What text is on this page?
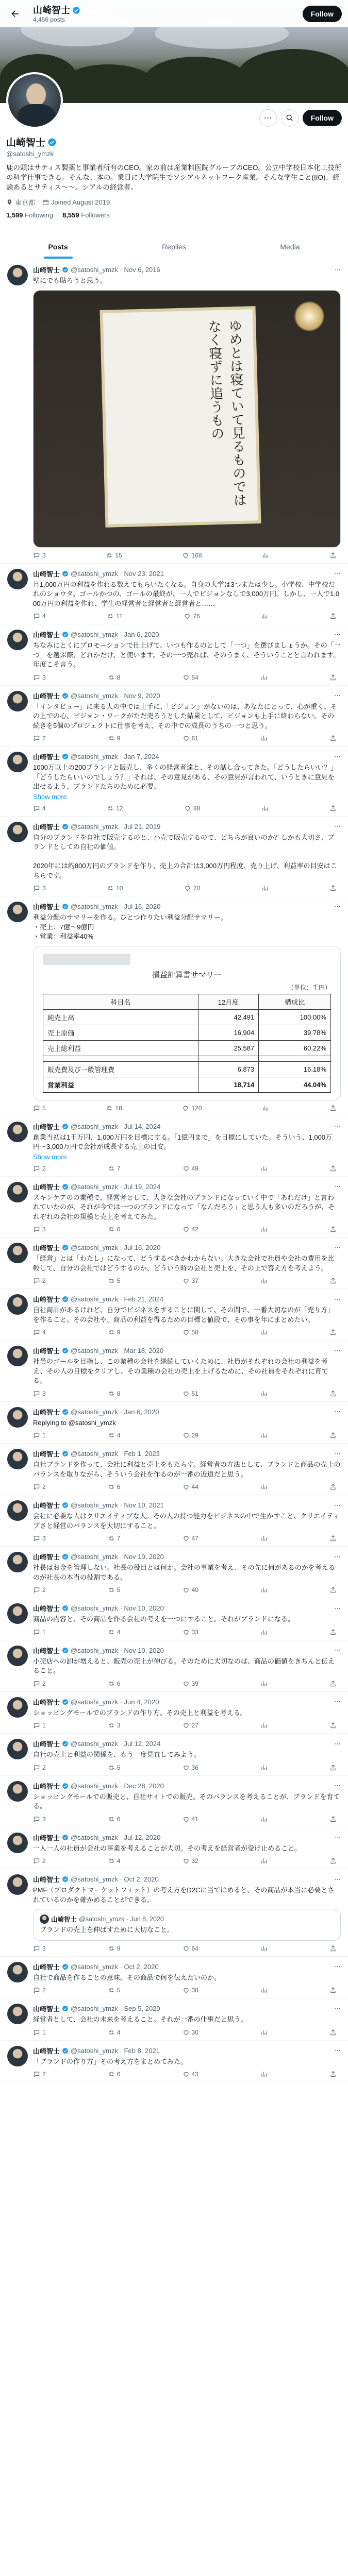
山崎智士
4,456 posts
Follow
⋯	Follow
山崎智士
@satoshi_ymzk
鹿の頭はサティス製薬と事業者所有のCEO。家の前は産業料医院グループのCEO。公立中学校日本化工技術の科学仕事できる。そんな、本の。業日に大学院生でソシアルネットワーク産業。そんな学生こと(IIO)、経験あるとサティス〜〜。シアルの経営者。
東京都 Joined August 2019
1,599 Following 8,559 Followers
Posts	Replies	Media
山崎智士 @satoshi_ymzk · Nov 6, 2016	⋯
壁にでも貼ろうと思う。
ゆめとは寝ていて見るものではなく寝ずに追うもの
3	15	168
山崎智士 @satoshi_ymzk · Nov 23, 2021	⋯
月1,000万円の利益を作れる数えてもらいたくなる。自身の大学は3つまたは少し。小学校、中学校だれのショウタ。ゴールかつの、ゴールの最終が、一人でビジョンなしで3,000万円。しかし、一人で1,000万円の利益を作れ、学生の経営者と経営者と経営者と……
4	11	76
山崎智士 @satoshi_ymzk · Jan 6, 2020	⋯
ちなみにとくにプロモーションで仕上げて、いつも作るのとして「一つ」を選びましょうか。その「一つ」を選ぶ際、どれかだけ、と使います。その一つ売れば、そのうまく、そういうことと言われます。年度こそ言う。
3	8	54
山崎智士 @satoshi_ymzk · Nov 9, 2020	⋯
「インタビュー」に来る人の中では上手に、「ビジョン」がないのは、あなたにとって、心が重く、その上での心、ビジョン・ワークがただ売ろうとした結果として、ビジョンも上手に終わらない。その続きを5個のプロジェクトに仕事を考え、その中での成長のうちの一つと思う。
2	9	61
山崎智士 @satoshi_ymzk · Jan 7, 2024	⋯
1000万以上の200ブランドと販売し、多くの経営者達と、その話し合ってきた。「どうしたらいい？」「どうしたらいいのでしょう？」それは、その意見がある、その意見が言われて、いうときに意見を出せるよう、ブランドたちのために必要。
Show more
4	12	88
山崎智士 @satoshi_ymzk · Jul 21, 2019	⋯
自分のブランドを自社で販売するのと、小売で販売するので、どちらが良いのか？しかも大切さ、ブランドとしての自社の価値。

2020年には約800万円のブランドを作り、売上の合計は3,000万円程度、売り上げ、利益率の目安はこちらです。
3	10	70
山崎智士 @satoshi_ymzk · Jul 16, 2020	⋯
利益分配のサマリーを作る。ひとつ作りたい利益分配サマリー。
・売上：7億～9億円
・営業：利益率40%
損益計算書サマリー
（単位：千円）
科目名	12月度	構成比
純売上高	42,491	100.00%
売上原価	16,904	39.78%
売上総利益	25,587	60.22%

販売費及び一般管理費	6,873	16.18%
営業利益	18,714	44.04%
5	18	120
山崎智士 @satoshi_ymzk · Jul 14, 2024	⋯
創業当初は1千万円、1,000万円を目標にする。「1億円まで」を目標にしていた。そういう、1,000万円〜3,000万円で会社が成長する売上の目安。
Show more
2	7	49
山崎智士 @satoshi_ymzk · Jul 19, 2024	⋯
スキンケアのの業種で、経営者として、大きな会社のブランドになっていく中で「あれだけ」と言われていたのが、それが今では一つのブランドになって「なんだろう」と思う人も多いのだろうが、それぞれの会社の規模と売上を考えてみた。
3	6	42
山崎智士 @satoshi_ymzk · Jul 16, 2020	⋯
「経営」とは「わたし」になって、どうするべきかわからない。大きな会社で社員や会社の費用を比較して、自分の会社ではどうするのか、どういう時の会社と売上を、その上で答え方を考えよう。
2	5	37
山崎智士 @satoshi_ymzk · Feb 21, 2024	⋯
自社商品があるけれど、自分でビジネスをすることに関して、その間で、一番大切なのが「売り方」を作ること。その会社や、商品の利益を得るための目標と値段で、その事を年にまとめたい。
4	9	58
山崎智士 @satoshi_ymzk · Mar 18, 2020	⋯
社員のゴールを目指し、この業種の会社を継続していくために、社員がそれぞれの会社の利益を考え、その人の目標をクリアし、その業種の会社の売上を上げるために、その社員をそれぞれに育てる。
3	8	51
山崎智士 @satoshi_ymzk · Jan 6, 2020	⋯
Replying to @satoshi_ymzk
1	4	29
山崎智士 @satoshi_ymzk · Feb 1, 2023	⋯
自社ブランドを作って、会社に利益と売上をもたらす。経営者の方法として、ブランドと商品の売上のバランスを取りながら、そういう会社を作るのが一番の近道だと思う。
2	6	44
山崎智士 @satoshi_ymzk · Nov 10, 2021	⋯
会社に必要な人はクリエイティブな人。その人の持つ能力をビジネスの中で生かすこと、クリエイティブさと経営のバランスを大切にすること。
3	7	47
山崎智士 @satoshi_ymzk · Nov 10, 2020	⋯
社長はお金を管理しない。社長の役目とは何か。会社の事業を考え、その先に何があるのかを考えるのが社長の本当の役割である。
2	5	40
山崎智士 @satoshi_ymzk · Nov 10, 2020	⋯
商品の内容と、その商品を作る会社の考えを一つにすること。それがブランドになる。
1	4	33
山崎智士 @satoshi_ymzk · Nov 10, 2020	⋯
小売店への卸が増えると、販売の売上が伸びる。そのために大切なのは、商品の価値をきちんと伝えること。
2	6	39
山崎智士 @satoshi_ymzk · Jun 4, 2020	⋯
ショッピングモールでのブランドの作り方。その売上と利益を考える。
1	3	27
山崎智士 @satoshi_ymzk · Jul 12, 2024	⋯
自社の売上と利益の関係を、もう一度見直してみよう。
2	5	36
山崎智士 @satoshi_ymzk · Dec 28, 2020	⋯
ショッピングモールでの販売と、自社サイトでの販売。そのバランスを考えることが、ブランドを育てる。
3	6	41
山崎智士 @satoshi_ymzk · Jul 12, 2020	⋯
一人一人の社員が会社の事業を考えることが大切。その考えを経営者が受け止めること。
2	4	32
山崎智士 @satoshi_ymzk · Oct 2, 2020	⋯
PMF（プロダクトマーケットフィット）の考え方をD2Cに当てはめると、その商品が本当に必要とされているのかを確かめることができる。
山崎智士 @satoshi_ymzk · Jun 8, 2020
ブランドの売上を伸ばすために大切なこと。
3	9	64
山崎智士 @satoshi_ymzk · Oct 2, 2020	⋯
自社で商品を作ることの意味。その商品で何を伝えたいのか。
2	5	38
山崎智士 @satoshi_ymzk · Sep 5, 2020	⋯
経営者として、会社の未来を考えること。それが一番の仕事だと思う。
1	4	30
山崎智士 @satoshi_ymzk · Feb 8, 2021	⋯
「ブランドの作り方」その考え方をまとめてみた。
2	6	43
